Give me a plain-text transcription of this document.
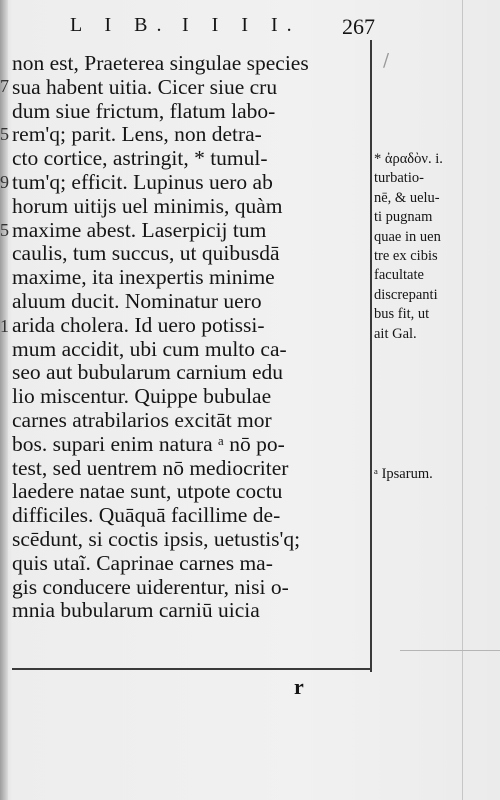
L I B. I I I I. 267
/
7
5
9
5
1
non est, Praeterea singulae species
sua habent uitia. Cicer siue cru
dum siue frictum, flatum labo-
rem'q; parit. Lens, non detra-
cto cortice, astringit, * tumul-
tum'q; efficit. Lupinus uero ab
horum uitijs uel minimis, quàm
maxime abest. Laserpicij tum
caulis, tum succus, ut quibusdā
maxime, ita inexpertis minime
aluum ducit. Nominatur uero
arida cholera. Id uero potissi-
mum accidit, ubi cum multo ca-
seo aut bubularum carnium edu
lio miscentur. Quippe bubulae
carnes atrabilarios excitāt mor
bos. supari enim natura ᵃ nō po-
test, sed uentrem nō mediocriter
laedere natae sunt, utpote coctu
difficiles. Quāquā facillime de-
scēdunt, si coctis ipsis, uetustis'q;
quis utaĩ. Caprinae carnes ma-
gis conducere uiderentur, nisi o-
mnia bubularum carniū uicia
* ἀραδὸν. i.
turbatio-
nē, & uelu-
ti pugnam
quae in uen
tre ex cibis
facultate
discrepanti
bus fit, ut
ait Gal.
ᵃ Ipsarum.
r
